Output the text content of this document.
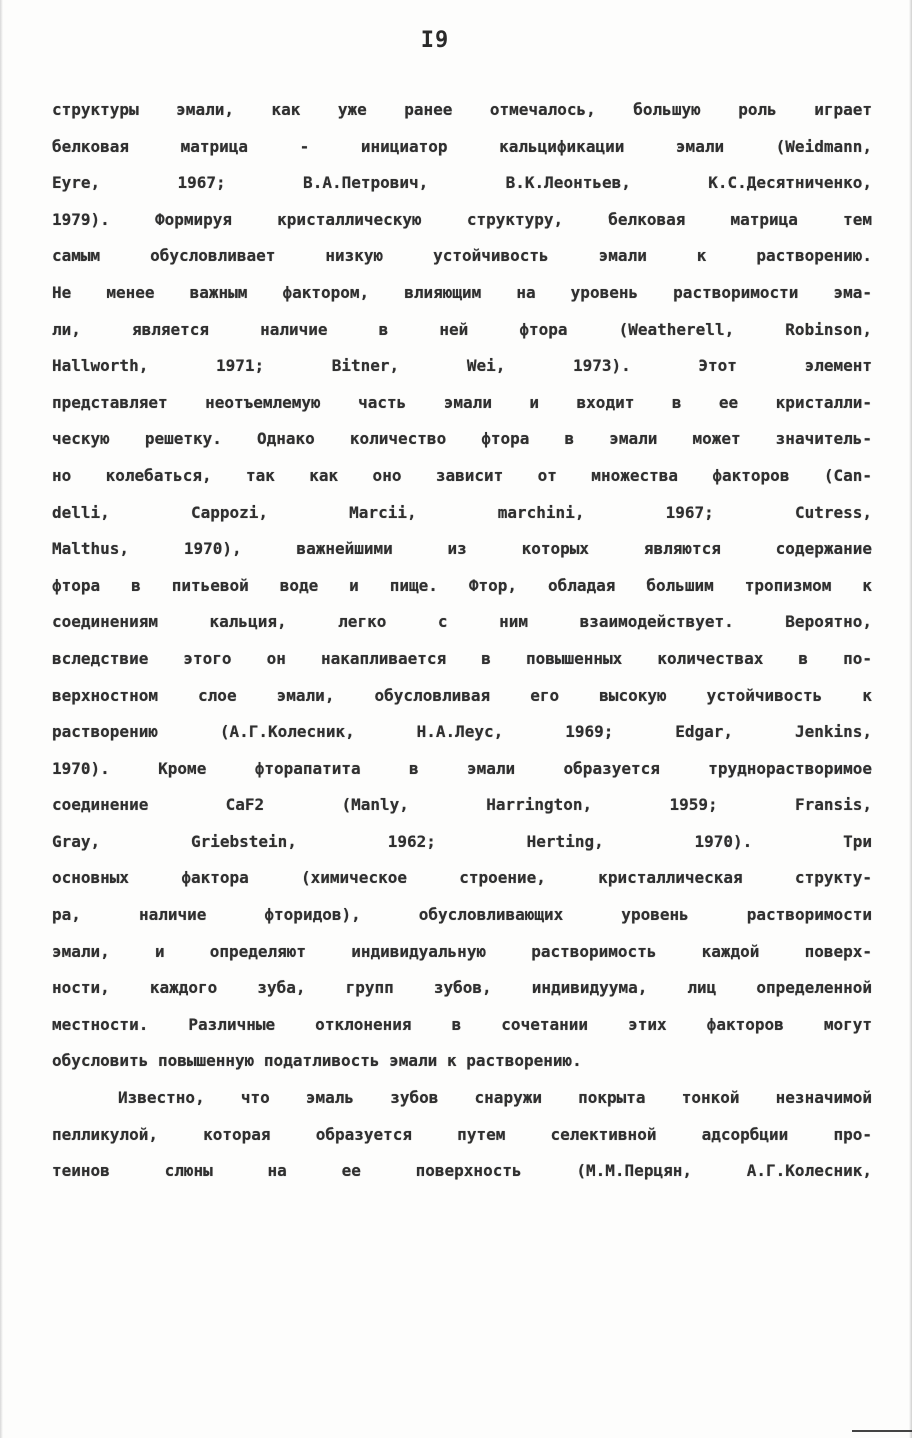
I9
структуры эмали, как уже ранее отмечалось, большую роль играет
белковая матрица - инициатор кальцификации эмали (Weidmann,
Eyre, 1967; В.А.Петрович, В.К.Леонтьев, К.С.Десятниченко,
1979). Формируя кристаллическую структуру, белковая матрица тем
самым обусловливает низкую устойчивость эмали к растворению.
Не менее важным фактором, влияющим на уровень растворимости эма-
ли, является наличие в ней фтора (Weatherell, Robinson,
Hallworth, 1971; Bitner, Wei, 1973). Этот элемент
представляет неотъемлемую часть эмали и входит в ее кристалли-
ческую решетку. Однако количество фтора в эмали может значитель-
но колебаться, так как оно зависит от множества факторов (Can-
delli, Cappozi, Marcii, marchini, 1967; Cutress,
Malthus, 1970), важнейшими из которых являются содержание
фтора в питьевой воде и пище. Фтор, обладая большим тропизмом к
соединениям кальция, легко с ним взаимодействует. Вероятно,
вследствие этого он накапливается в повышенных количествах в по-
верхностном слое эмали, обусловливая его высокую устойчивость к
растворению (А.Г.Колесник, Н.А.Леус, 1969; Edgar, Jenkins,
1970). Кроме фторапатита в эмали образуется труднорастворимое
соединение CaF2 (Manly, Harrington, 1959; Fransis,
Gray, Griebstein, 1962; Herting, 1970). Три
основных фактора (химическое строение, кристаллическая структу-
ра, наличие фторидов), обусловливающих уровень растворимости
эмали, и определяют индивидуальную растворимость каждой поверх-
ности, каждого зуба, групп зубов, индивидуума, лиц определенной
местности. Различные отклонения в сочетании этих факторов могут
обусловить повышенную податливость эмали к растворению.
Известно, что эмаль зубов снаружи покрыта тонкой незначимой
пелликулой, которая образуется путем селективной адсорбции про-
теинов слюны на ее поверхность (М.М.Перцян, А.Г.Колесник,
